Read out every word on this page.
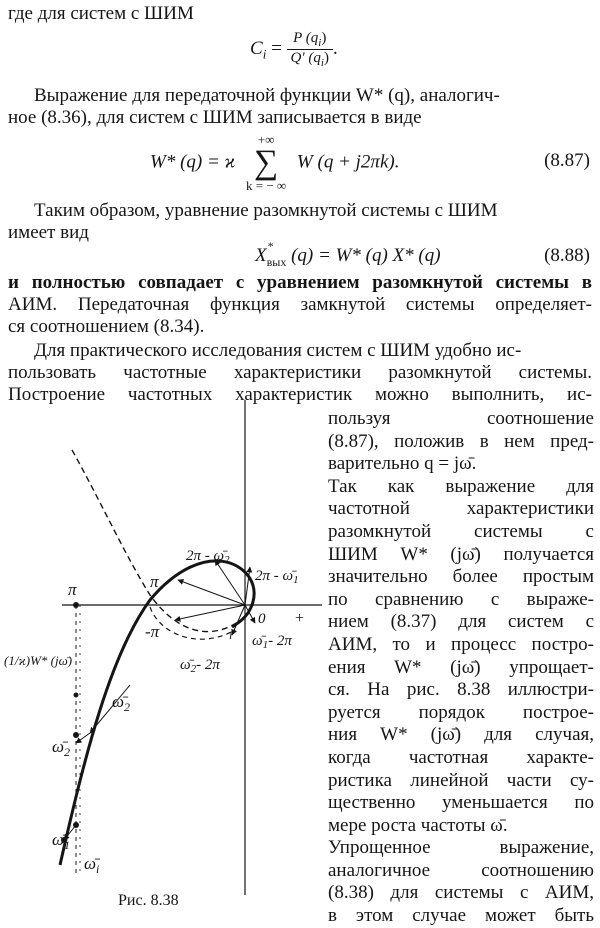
где для систем с ШИМ
$C_i = \frac{P (q_i)}{Q' (q_i)}$ .
Выражение для передаточной функции W* (q), аналогич-
ное (8.36), для систем с ШИМ записывается в виде
W* (q) = ϰ
+∞
∑
k = − ∞
W (q + j2πk).	(8.87)
Таким образом, уравнение разомкнутой системы с ШИМ
имеет вид
X *
$_{вых}$ (q) = W* (q) X* (q)	(8.88)
и полностью совпадает с уравнением разомкнутой системы в
АИМ. Передаточная функция замкнутой системы определяет-
ся соотношением (8.34).
Для практического исследования систем с ШИМ удобно ис-
пользовать частотные характеристики разомкнутой системы.
Построение частотных характеристик можно выполнить, ис-
пользуя соотношение
(8.87), положив в нем пред-
варительно q = jω̄.
Так как выражение для
частотной характеристики
разомкнутой системы с
ШИМ W* (jω̄) получается
значительно более простым
по сравнению с выраже-
нием (8.37) для систем с
АИМ, то и процесс постро-
ения W* (jω̄) упрощает-
ся. На рис. 8.38 иллюстри-
руется порядок построе-
ния W* (jω̄) для случая,
когда частотная характе-
ристика линейной части су-
щественно уменьшается по
мере роста частоты ω̄.
Упрощенное выражение,
аналогичное соотношению
(8.38) для системы с АИМ,
в этом случае может быть
π	π
-π
$2\pi - \omegā_2$
$2\pi - \omegā_1$
0 +
$\omegā_1-$ 2π
$\omegā_2-$ 2π
i
(1/ϰ)W* (jω̄)
$\omegā_2$
$\omegā_2$
$\omegā_1$
$\omegā_i$
Рис. 8.38
